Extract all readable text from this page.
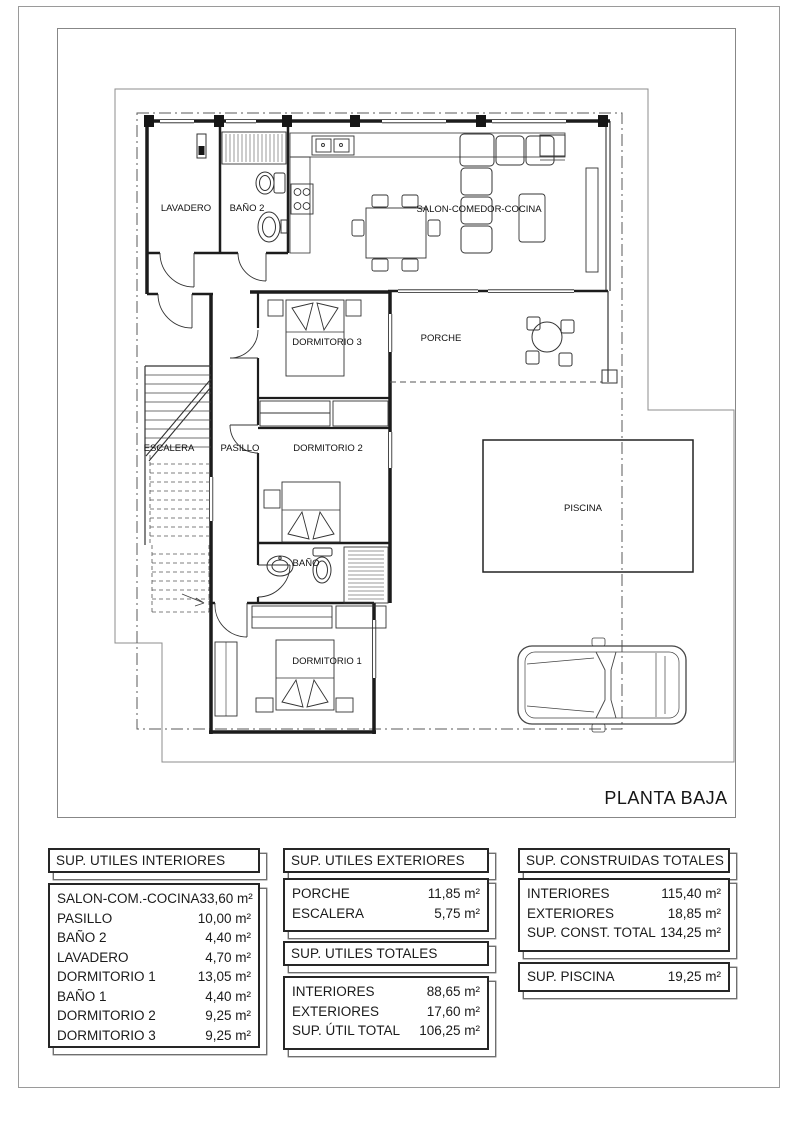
LAVADERO BAÑO 2	SALON-COMEDOR-COCINA
DORMITORIO 3	PORCHE
ESCALERA	PASILLO	DORMITORIO 2
BAÑO
DORMITORIO 1
PISCINA
PLANTA BAJA
SUP. UTILES INTERIORES
SALON-COM.-COCINA 33,60 m²
PASILLO	10,00 m²
BAÑO 2	4,40 m²
LAVADERO	4,70 m²
DORMITORIO 1	13,05 m²
BAÑO 1	4,40 m²
DORMITORIO 2	9,25 m²
DORMITORIO 3	9,25 m²
SUP. UTILES EXTERIORES
PORCHE	11,85 m²
ESCALERA	5,75 m²
SUP. UTILES TOTALES
INTERIORES	88,65 m²
EXTERIORES	17,60 m²
SUP. ÚTIL TOTAL 106,25 m²
SUP. CONSTRUIDAS TOTALES
INTERIORES	115,40 m²
EXTERIORES	18,85 m²
SUP. CONST. TOTAL 134,25 m²
SUP. PISCINA	19,25 m²
